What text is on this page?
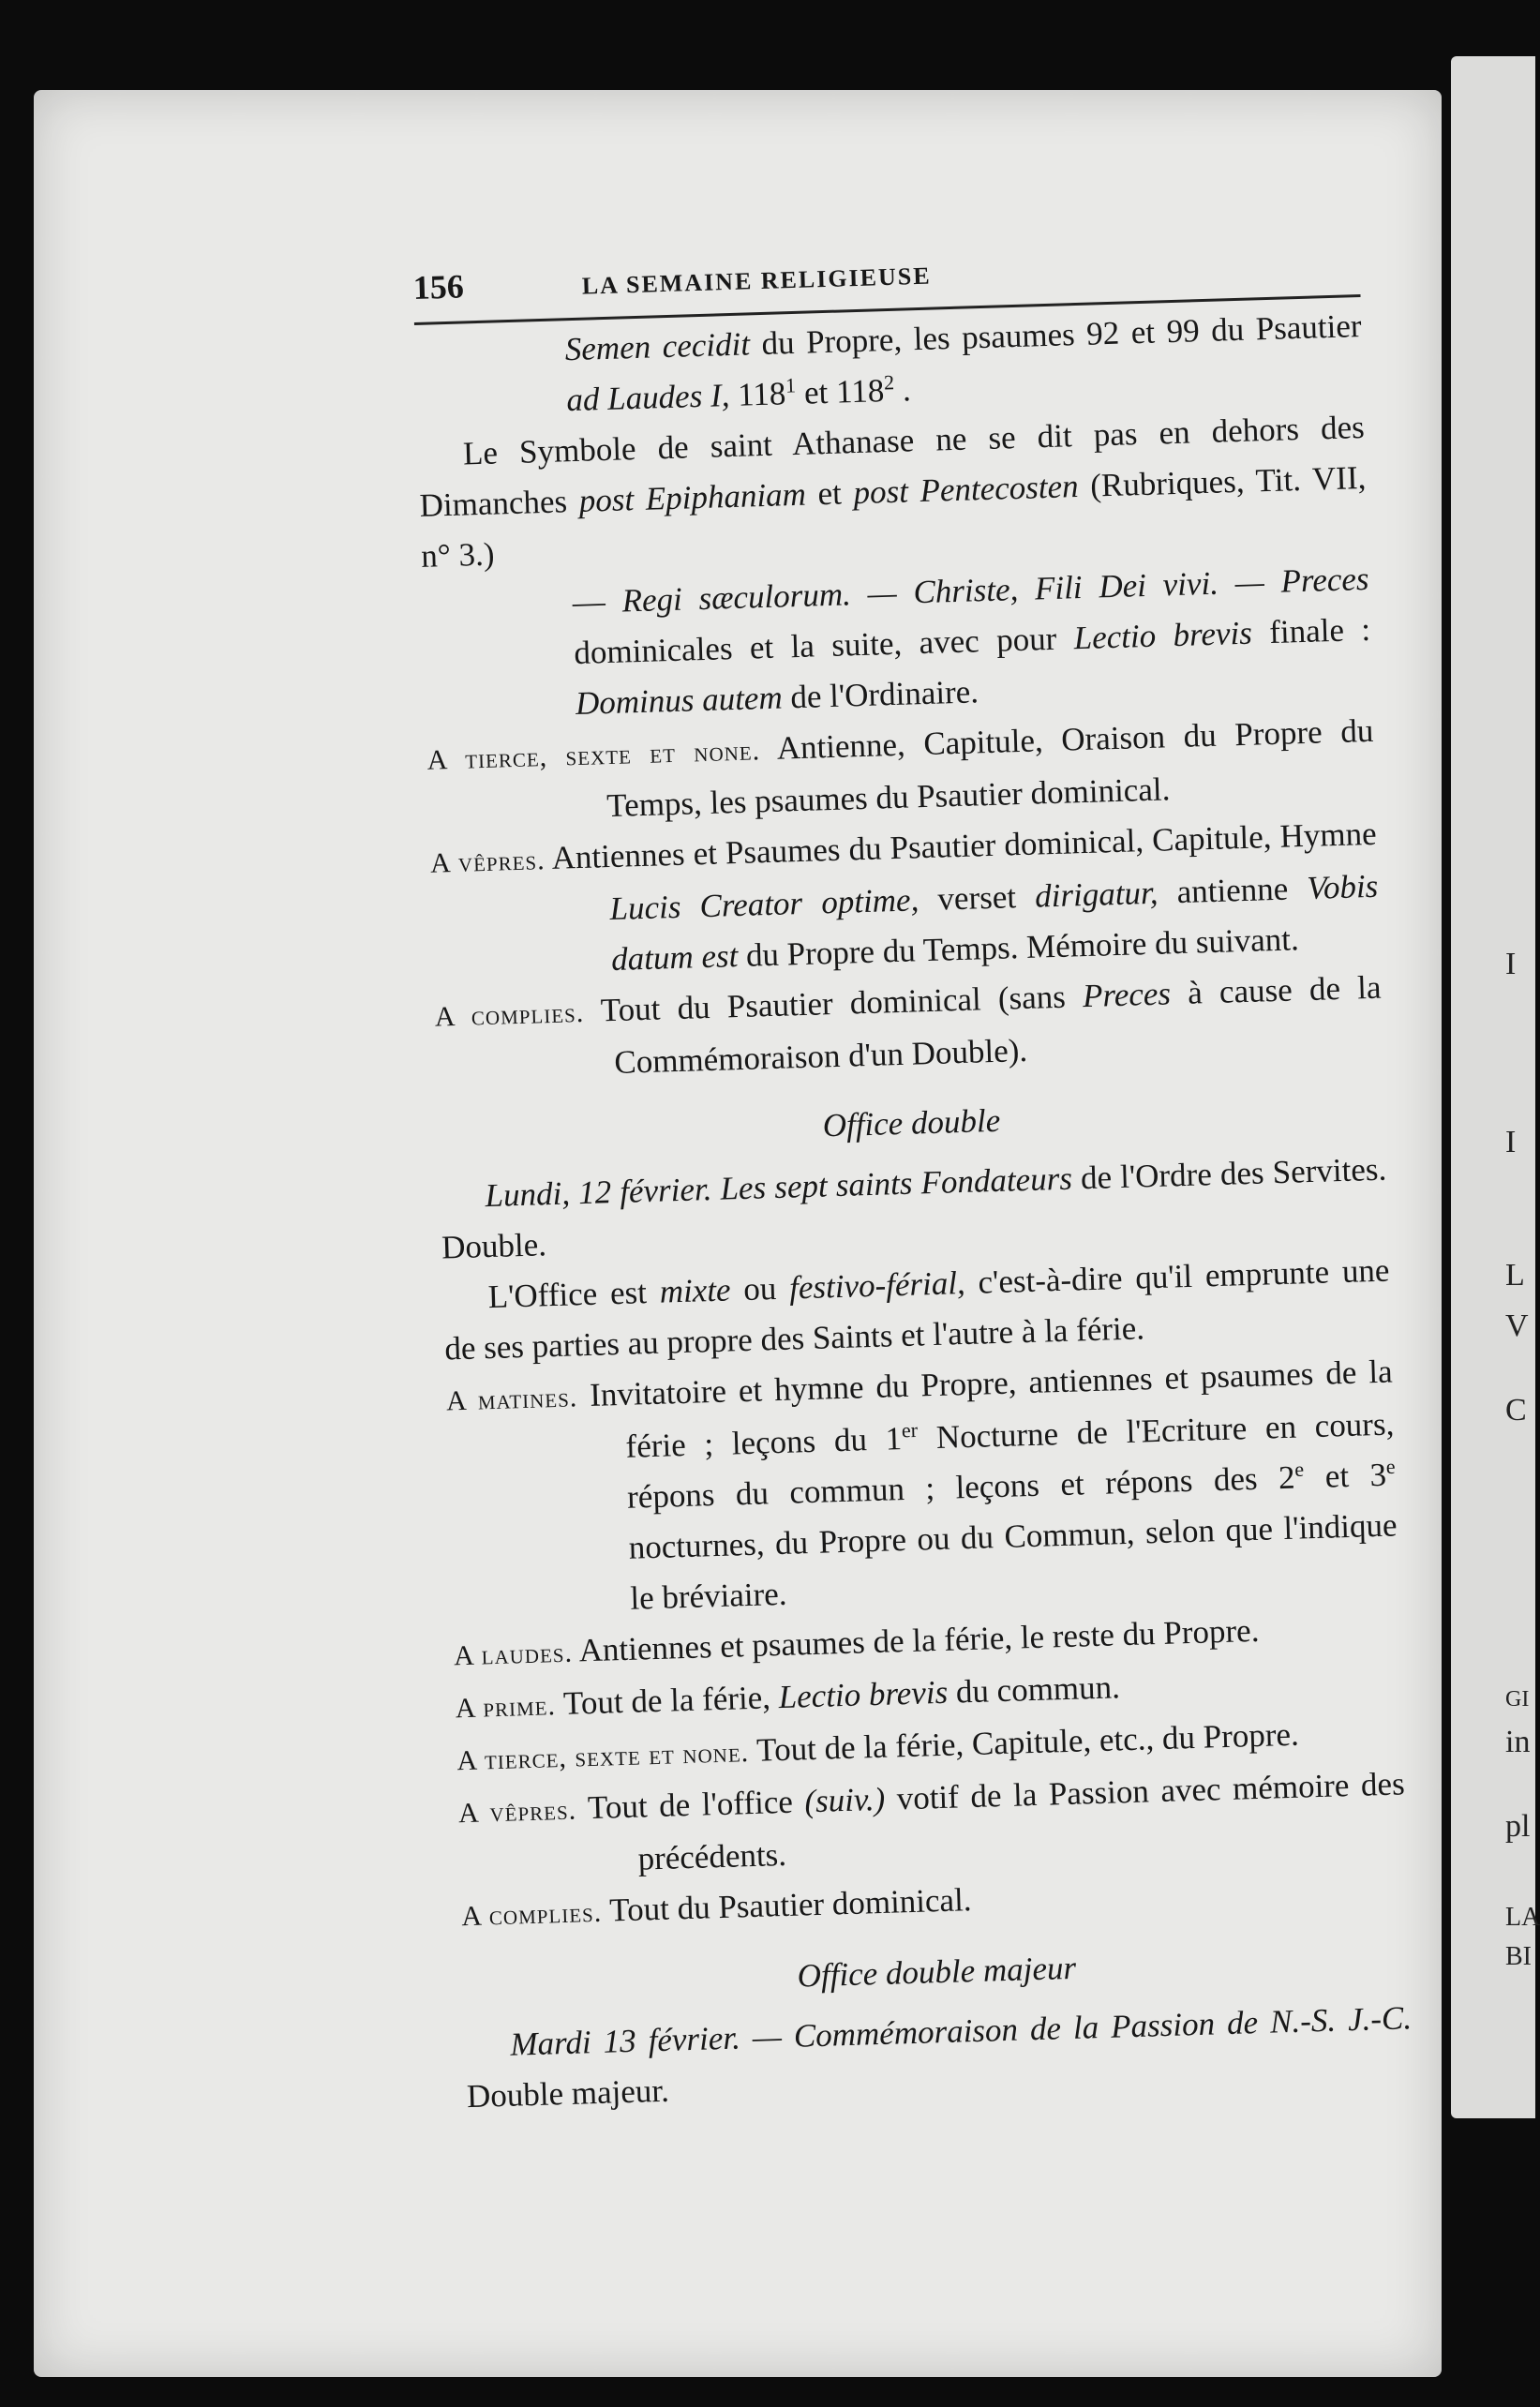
I
I
L
V
C
GI
in
pl
LA
BI
156	LA SEMAINE RELIGIEUSE

Semen cecidit du Propre, les psaumes 92 et 99 du Psautier ad Laudes I, $118^1$ et $118^2$ .

Le Symbole de saint Athanase ne se dit pas en dehors des Dimanches post Epiphaniam et post Pentecosten (Rubriques, Tit. VII, n° 3.)

— Regi sæculorum. — Christe, Fili Dei vivi. — Preces dominicales et la suite, avec pour Lectio brevis finale : Dominus autem de l'Ordinaire.

A tierce, sexte et none. Antienne, Capitule, Oraison du Propre du Temps, les psaumes du Psautier dominical.

A vêpres. Antiennes et Psaumes du Psautier dominical, Capitule, Hymne Lucis Creator optime, verset dirigatur, antienne Vobis datum est du Propre du Temps. Mémoire du suivant.

A complies. Tout du Psautier dominical (sans Preces à cause de la Commémoraison d'un Double).

Office double

Lundi, 12 février. Les sept saints Fondateurs de l'Ordre des Servites. Double.

L'Office est mixte ou festivo-férial, c'est-à-dire qu'il emprunte une de ses parties au propre des Saints et l'autre à la férie.

A matines. Invitatoire et hymne du Propre, antiennes et psaumes de la férie ; leçons du 1er Nocturne de l'Ecriture en cours, répons du commun ; leçons et répons des 2e et 3e nocturnes, du Propre ou du Commun, selon que l'indique le bréviaire.

A laudes. Antiennes et psaumes de la férie, le reste du Propre.

A prime. Tout de la férie, Lectio brevis du commun.

A tierce, sexte et none. Tout de la férie, Capitule, etc., du Propre.

A vêpres. Tout de l'office (suiv.) votif de la Passion avec mémoire des précédents.

A complies. Tout du Psautier dominical.

Office double majeur

Mardi 13 février. — Commémoraison de la Passion de N.-S. J.-C. Double majeur.
